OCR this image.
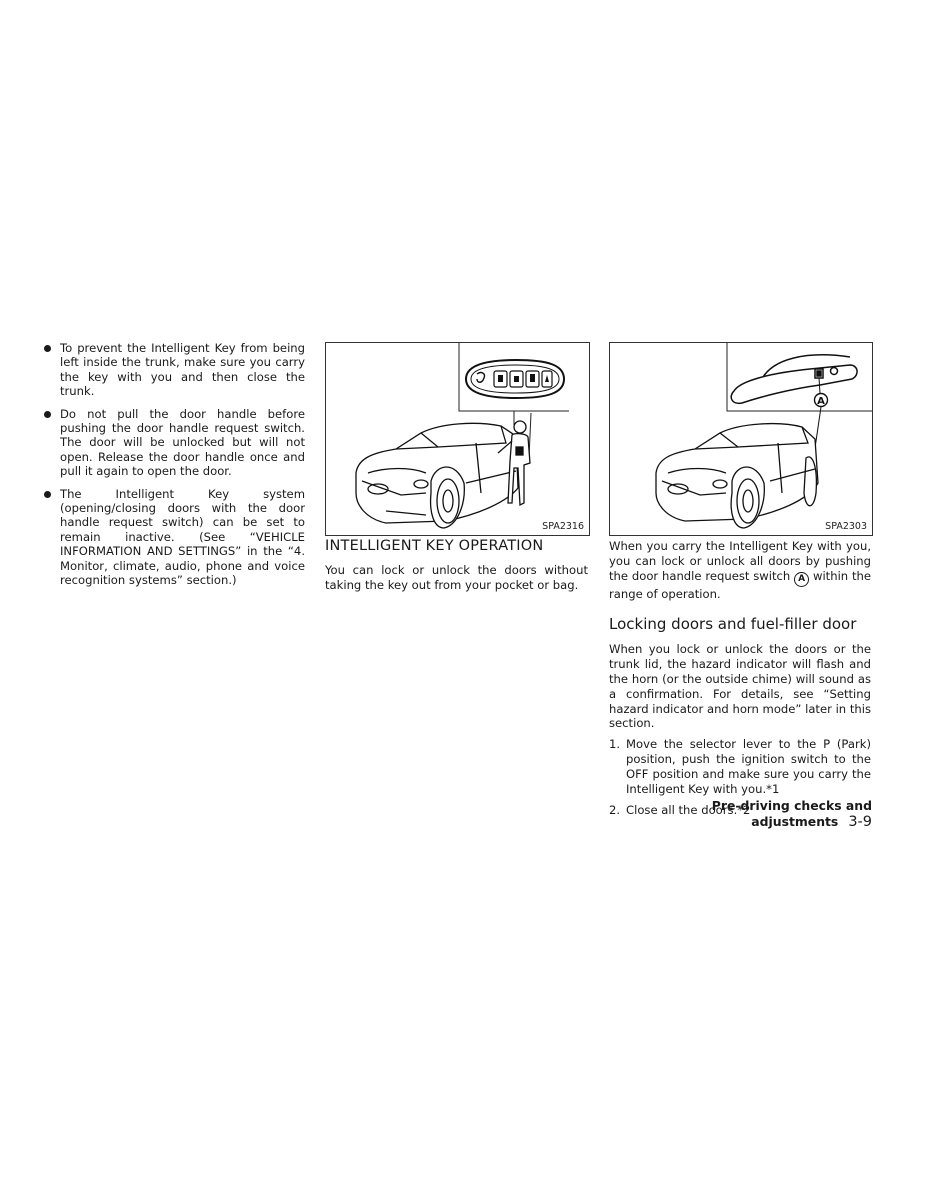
To prevent the Intelligent Key from being left inside the trunk, make sure you carry the key with you and then close the trunk.
Do not pull the door handle before pushing the door handle request switch. The door will be unlocked but will not open. Release the door handle once and pull it again to open the door.
The Intelligent Key system (opening/closing doors with the door handle request switch) can be set to remain inactive. (See “VEHICLE INFORMATION AND SETTINGS” in the “4. Monitor, climate, audio, phone and voice recognition systems” section.)
SPA2316
INTELLIGENT KEY OPERATION

You can lock or unlock the doors without taking the key out from your pocket or bag.

A
SPA2303

When you carry the Intelligent Key with you, you can lock or unlock all doors by pushing the door handle request switch A within the range of operation.

Locking doors and fuel-filler door

When you lock or unlock the doors or the trunk lid, the hazard indicator will flash and the horn (or the outside chime) will sound as a confirmation. For details, see “Setting hazard indicator and horn mode” later in this section.

1. Move the selector lever to the P (Park) position, push the ignition switch to the OFF position and make sure you carry the Intelligent Key with you.*1
2. Close all the doors.*2
Pre-driving checks and adjustments 3-9
